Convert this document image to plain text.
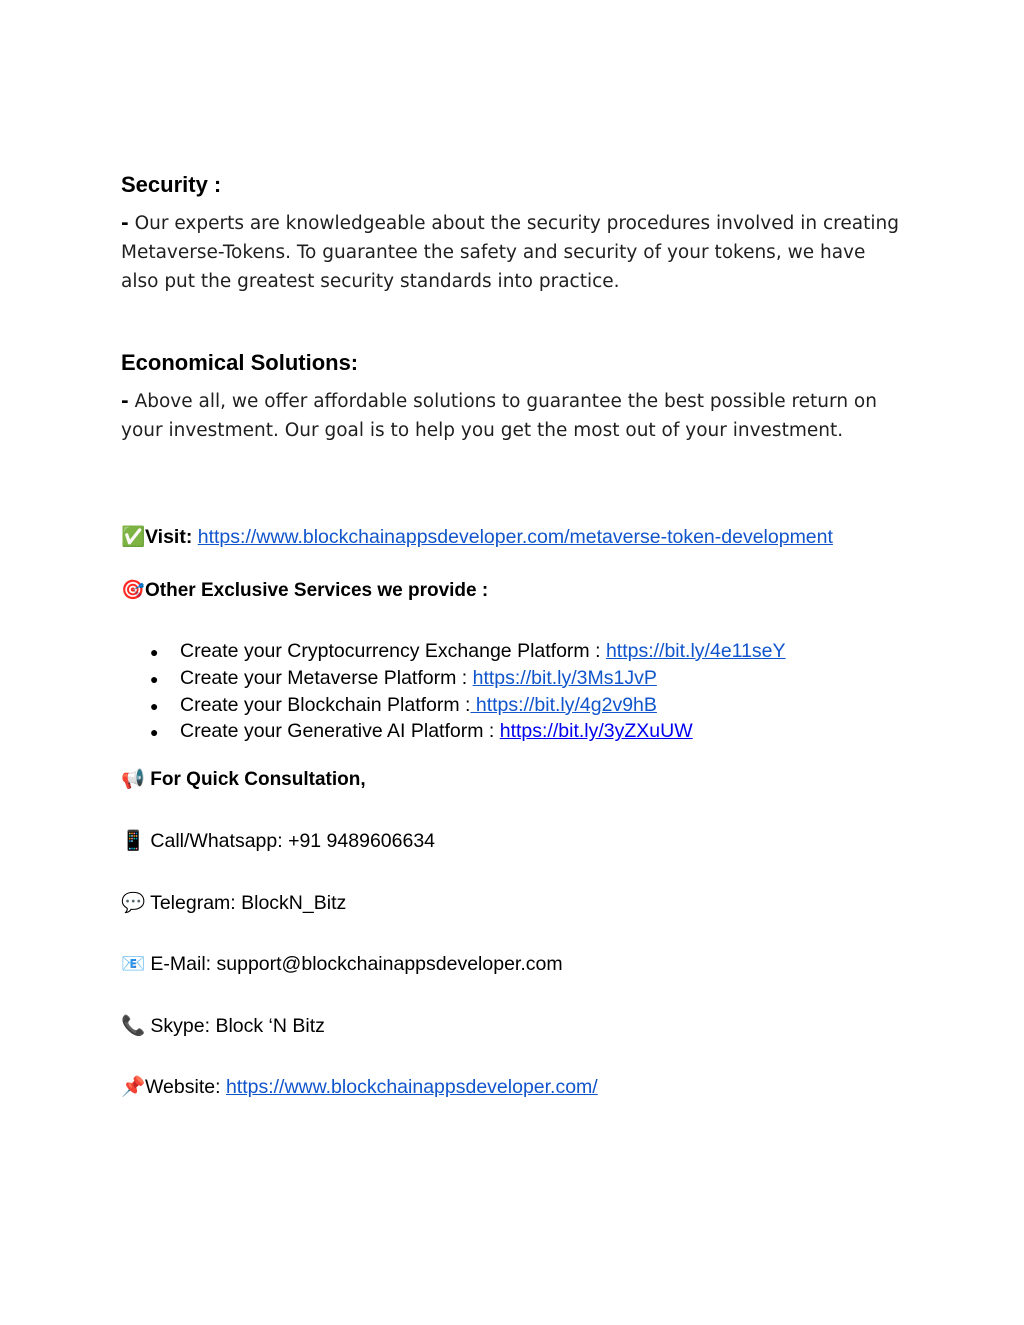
Security :

- Our experts are knowledgeable about the security procedures involved in creating Metaverse-Tokens. To guarantee the safety and security of your tokens, we have also put the greatest security standards into practice.

Economical Solutions:

- Above all, we offer affordable solutions to guarantee the best possible return on your investment. Our goal is to help you get the most out of your investment.

✅Visit: https://www.blockchainappsdeveloper.com/metaverse-token-development
🎯Other Exclusive Services we provide :
● Create your Cryptocurrency Exchange Platform : https://bit.ly/4e11seY
● Create your Metaverse Platform : https://bit.ly/3Ms1JvP
● Create your Blockchain Platform : https://bit.ly/4g2v9hB
● Create your Generative AI Platform : https://bit.ly/3yZXuUW
📢 For Quick Consultation,
📱 Call/Whatsapp: +91 9489606634
💬 Telegram: BlockN_Bitz
📧 E-Mail: support@blockchainappsdeveloper.com
📞 Skype: Block ‘N Bitz
📌Website: https://www.blockchainappsdeveloper.com/
